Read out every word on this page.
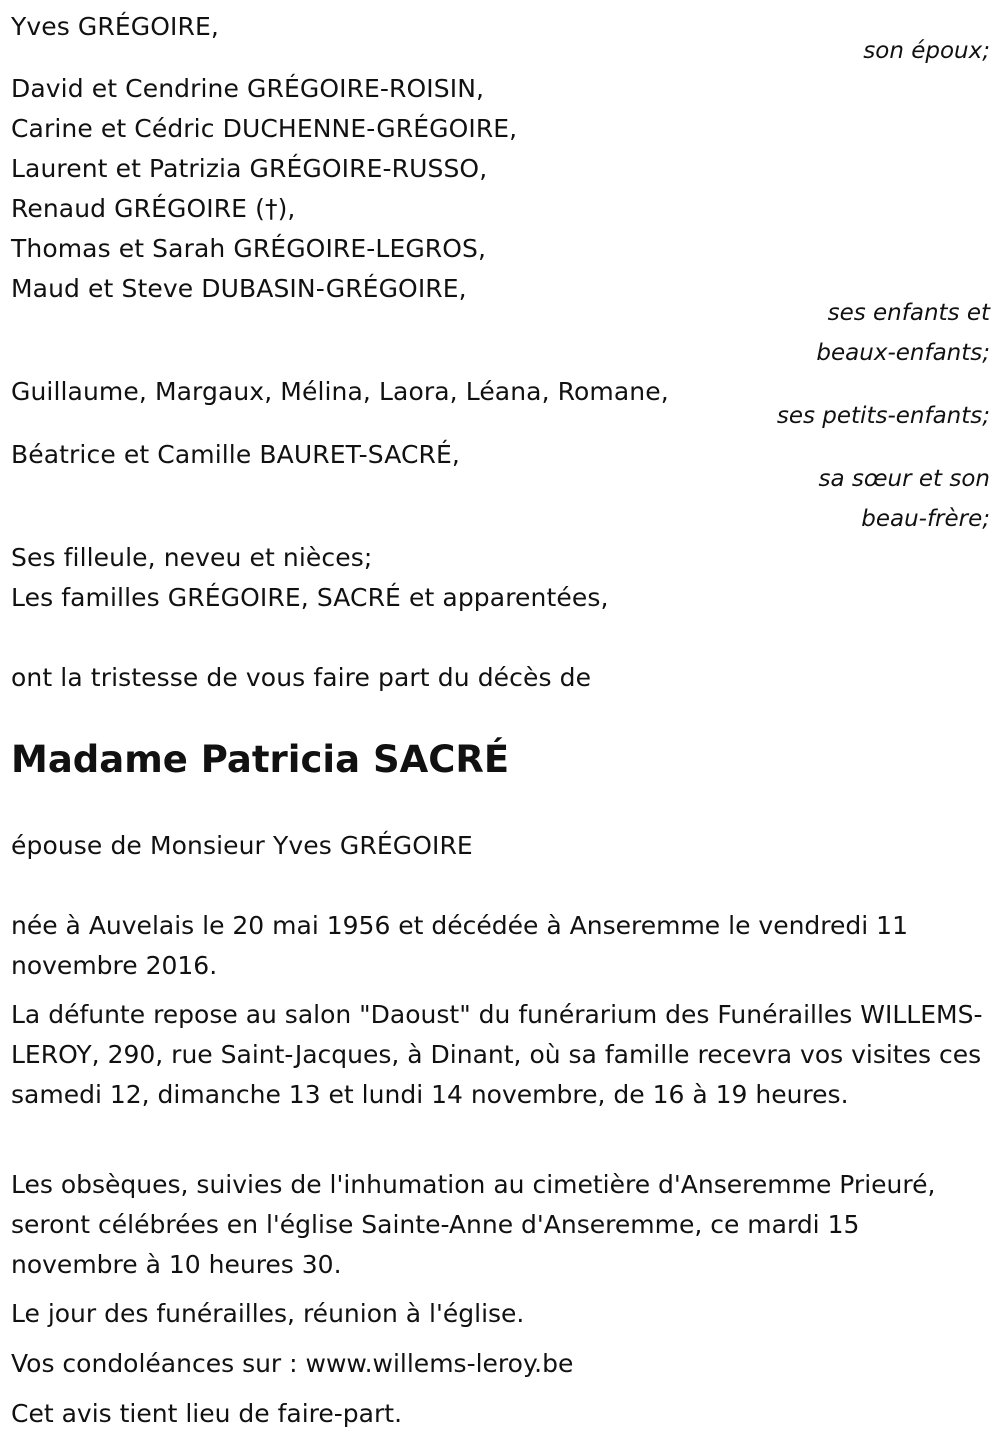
Yves GRÉGOIRE,
son époux;
David et Cendrine GRÉGOIRE-ROISIN,
Carine et Cédric DUCHENNE-GRÉGOIRE,
Laurent et Patrizia GRÉGOIRE-RUSSO,
Renaud GRÉGOIRE (†),
Thomas et Sarah GRÉGOIRE-LEGROS,
Maud et Steve DUBASIN-GRÉGOIRE,
ses enfants et
beaux-enfants;
Guillaume, Margaux, Mélina, Laora, Léana, Romane,
ses petits-enfants;
Béatrice et Camille BAURET-SACRÉ,
sa sœur et son
beau-frère;
Ses filleule, neveu et nièces;
Les familles GRÉGOIRE, SACRÉ et apparentées,
ont la tristesse de vous faire part du décès de
Madame Patricia SACRÉ
épouse de Monsieur Yves GRÉGOIRE
née à Auvelais le 20 mai 1956 et décédée à Anseremme le vendredi 11 novembre 2016.
La défunte repose au salon "Daoust" du funérarium des Funérailles WILLEMS-LEROY, 290, rue Saint-Jacques, à Dinant, où sa famille recevra vos visites ces samedi 12, dimanche 13 et lundi 14 novembre, de 16 à 19 heures.
Les obsèques, suivies de l'inhumation au cimetière d'Anseremme Prieuré, seront célébrées en l'église Sainte-Anne d'Anseremme, ce mardi 15 novembre à 10 heures 30.
Le jour des funérailles, réunion à l'église.
Vos condoléances sur : www.willems-leroy.be
Cet avis tient lieu de faire-part.
